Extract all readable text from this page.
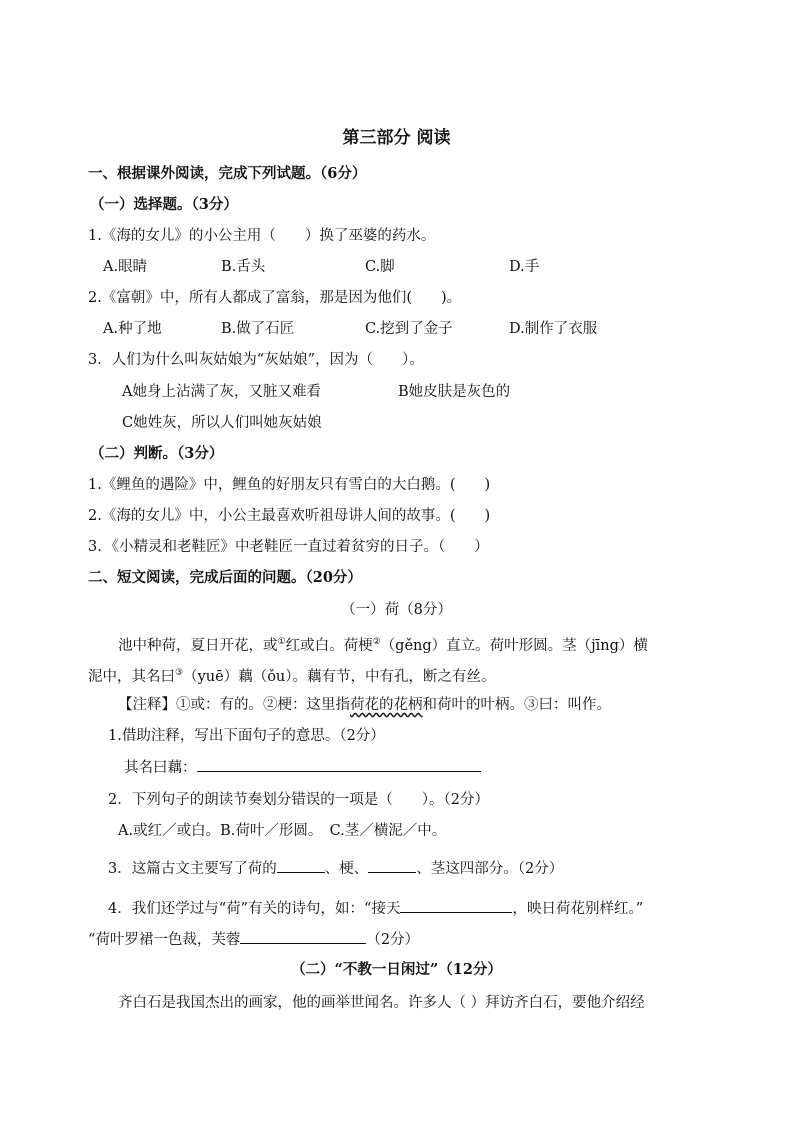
第三部分 阅读
一、根据课外阅读，完成下列试题。（6分）
（一）选择题。（3分）
1.《海的女儿》的小公主用（　　）换了巫婆的药水。
A.眼睛	B.舌头	C.脚	D.手
2.《富朝》中，所有人都成了富翁，那是因为他们(　　)。
A.种了地	B.做了石匠	C.挖到了金子	D.制作了衣服
3．人们为什么叫灰姑娘为“灰姑娘”，因为（　　）。
A她身上沾满了灰，又脏又难看	B她皮肤是灰色的
C她姓灰，所以人们叫她灰姑娘
（二）判断。（3分）
1.《鲤鱼的遇险》中，鲤鱼的好朋友只有雪白的大白鹅。(　　)
2.《海的女儿》中，小公主最喜欢听祖母讲人间的故事。(　　)
3．《小精灵和老鞋匠》中老鞋匠一直过着贫穷的日子。（　　）
二、短文阅读，完成后面的问题。（20分）
（一）荷（8分）
池中种荷，夏日开花，或①红或白。荷梗②（gěng）直立。荷叶形圆。茎（jīng）横
泥中，其名曰③（yuē）藕（ǒu）。藕有节，中有孔，断之有丝。
【注释】①或：有的。②梗：这里指荷花的花柄和荷叶的叶柄。③曰：叫作。
1.借助注释，写出下面句子的意思。（2分）
其名曰藕：
2．下列句子的朗读节奏划分错误的一项是（　　）。（2分）
A.或红／或白。B.荷叶／形圆。　C.茎／横泥／中。
3．这篇古文主要写了荷的	、梗、	、茎这四部分。（2分）
4．我们还学过与“荷”有关的诗句，如：“接天	，映日荷花别样红。”
“荷叶罗裙一色裁，芙蓉	（2分）
（二）“不教一日闲过”（12分）
齐白石是我国杰出的画家，他的画举世闻名。许多人（ ）拜访齐白石，要他介绍经
